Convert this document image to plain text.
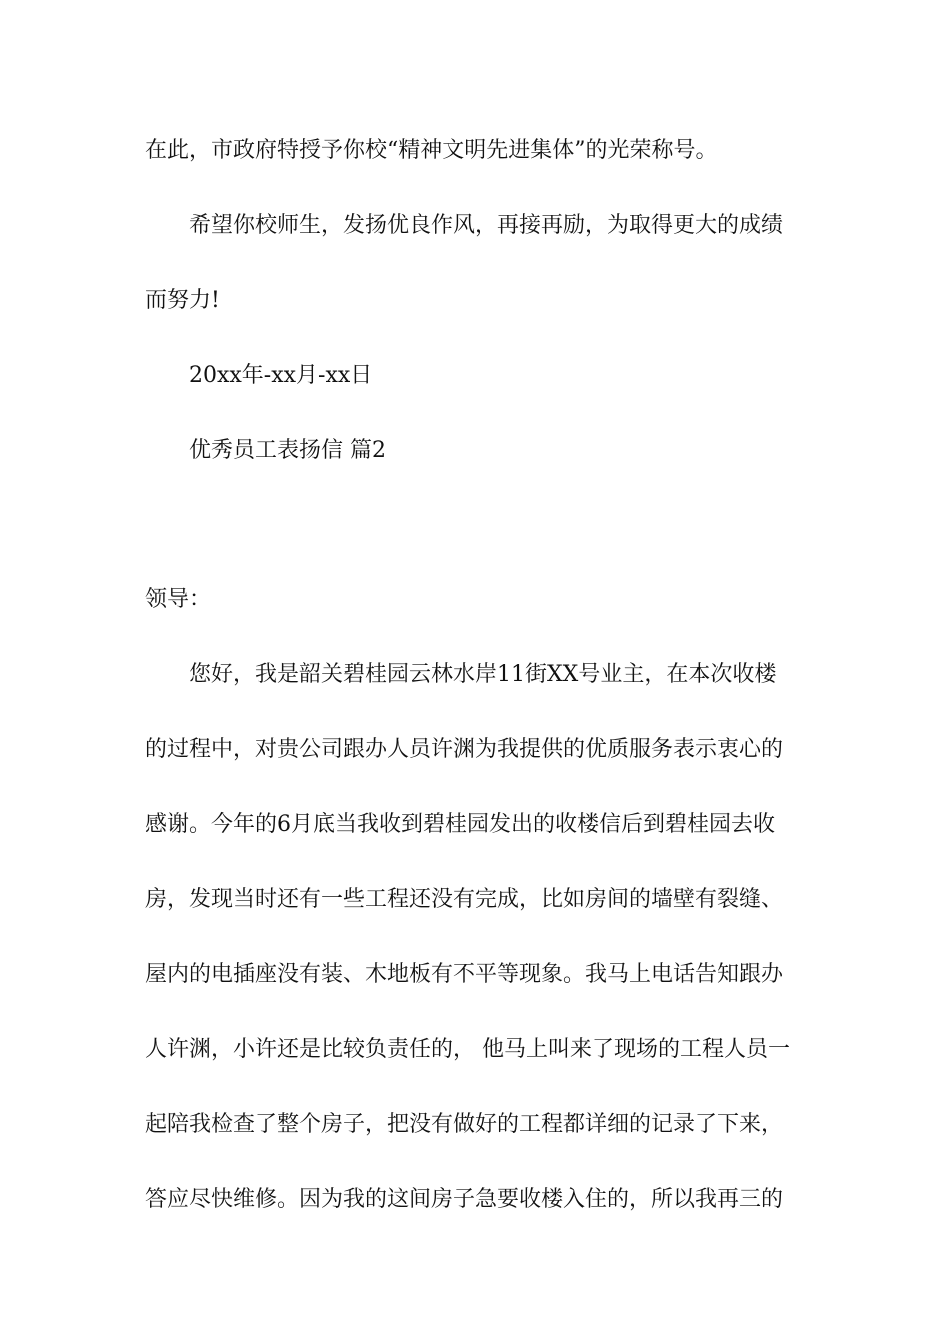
在此，市政府特授予你校“精神文明先进集体”的光荣称号。
希望你校师生，发扬优良作风，再接再励，为取得更大的成绩
而努力!
20xx年-xx月-xx日
优秀员工表扬信 篇2
领导：
您好，我是韶关碧桂园云林水岸11街XX号业主，在本次收楼
的过程中，对贵公司跟办人员许渊为我提供的优质服务表示衷心的
感谢。今年的6月底当我收到碧桂园发出的收楼信后到碧桂园去收
房，发现当时还有一些工程还没有完成，比如房间的墙壁有裂缝、
屋内的电插座没有装、木地板有不平等现象。我马上电话告知跟办
人许渊，小许还是比较负责任的， 他马上叫来了现场的工程人员一
起陪我检查了整个房子，把没有做好的工程都详细的记录了下来，
答应尽快维修。因为我的这间房子急要收楼入住的，所以我再三的
